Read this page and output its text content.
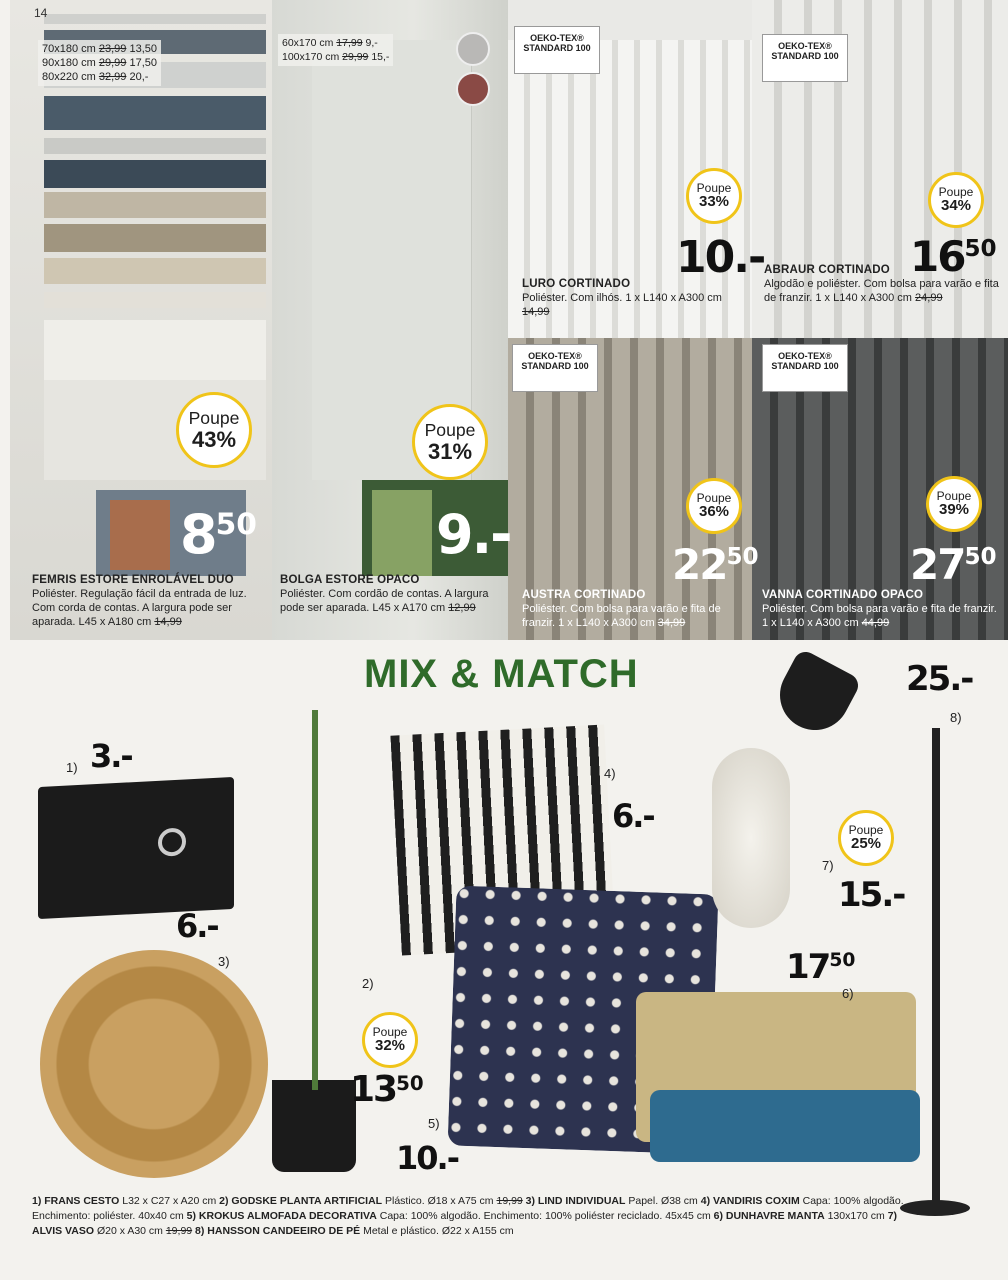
14
70x180 cm 23,99 13,50
90x180 cm 29,99 17,50
80x220 cm 32,99 20,-
Poupe
43%
$8^{50}$
FEMRIS ESTORE ENROLÁVEL DUO
Poliéster. Regulação fácil da entrada de luz. Com corda de contas. A largura pode ser aparada. L45 x A180 cm 14,99
60x170 cm 17,99 9,-
100x170 cm 29,99 15,-
Poupe
31%
9.-
BOLGA ESTORE OPACO
Poliéster. Com cordão de contas. A largura pode ser aparada. L45 x A170 cm 12,99
OEKO-TEX® STANDARD 100
Poupe
33%
10.-
LURO CORTINADO
Poliéster. Com ilhós. 1 x L140 x A300 cm 14,99
OEKO-TEX® STANDARD 100
Poupe
34%
$16^{50}$
ABRAUR CORTINADO
Algodão e poliéster. Com bolsa para varão e fita de franzir. 1 x L140 x A300 cm 24,99
OEKO-TEX® STANDARD 100
Poupe
36%
$22^{50}$
AUSTRA CORTINADO
Poliéster. Com bolsa para varão e fita de franzir. 1 x L140 x A300 cm 34,99
OEKO-TEX® STANDARD 100
Poupe
39%
$27^{50}$
VANNA CORTINADO OPACO
Poliéster. Com bolsa para varão e fita de franzir. 1 x L140 x A300 cm 44,99
MIX & MATCH
1) 3.-
3)
6.-
2)
Poupe
32%
$13^{50}$
4)
6.-
5)
10.-
$17^{50}$
6)
Poupe
25%
7)
15.-
25.-
8)
1) FRANS CESTO L32 x C27 x A20 cm 2) GODSKE PLANTA ARTIFICIAL Plástico. Ø18 x A75 cm 19,99 3) LIND INDIVIDUAL Papel. Ø38 cm 4) VANDIRIS COXIM Capa: 100% algodão. Enchimento: poliéster. 40x40 cm 5) KROKUS ALMOFADA DECORATIVA Capa: 100% algodão. Enchimento: 100% poliéster reciclado. 45x45 cm 6) DUNHAVRE MANTA 130x170 cm 7) ALVIS VASO Ø20 x A30 cm 19,99 8) HANSSON CANDEEIRO DE PÉ Metal e plástico. Ø22 x A155 cm
